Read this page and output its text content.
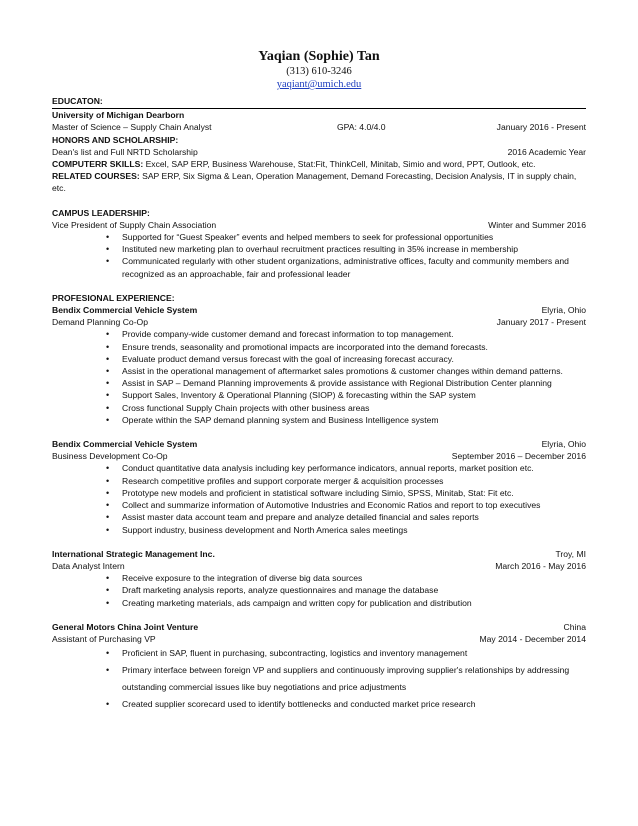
Yaqian (Sophie) Tan
(313) 610-3246
yaqiant@umich.edu
EDUCATON:
University of Michigan Dearborn
Master of Science – Supply Chain Analyst	GPA: 4.0/4.0	January 2016 - Present
HONORS AND SCHOLARSHIP:
Dean's list and Full NRTD Scholarship	2016 Academic Year
COMPUTERR SKILLS: Excel, SAP ERP, Business Warehouse, Stat:Fit, ThinkCell, Minitab, Simio and word, PPT, Outlook, etc.
RELATED COURSES: SAP ERP, Six Sigma & Lean, Operation Management, Demand Forecasting, Decision Analysis, IT in supply chain, etc.
CAMPUS LEADERSHIP:
Vice President of Supply Chain Association	Winter and Summer 2016
• Supported for “Guest Speaker” events and helped members to seek for professional opportunities
• Instituted new marketing plan to overhaul recruitment practices resulting in 35% increase in membership
• Communicated regularly with other student organizations, administrative offices, faculty and community members and recognized as an approachable, fair and professional leader
PROFESIONAL EXPERIENCE:
Bendix Commercial Vehicle System	Elyria, Ohio
Demand Planning Co-Op	January 2017 - Present
• Provide company-wide customer demand and forecast information to top management.
• Ensure trends, seasonality and promotional impacts are incorporated into the demand forecasts.
• Evaluate product demand versus forecast with the goal of increasing forecast accuracy.
• Assist in the operational management of aftermarket sales promotions & customer changes within demand patterns.
• Assist in SAP – Demand Planning improvements & provide assistance with Regional Distribution Center planning
• Support Sales, Inventory & Operational Planning (SIOP) & forecasting within the SAP system
• Cross functional Supply Chain projects with other business areas
• Operate within the SAP demand planning system and Business Intelligence system
Bendix Commercial Vehicle System	Elyria, Ohio
Business Development Co-Op	September 2016 – December 2016
• Conduct quantitative data analysis including key performance indicators, annual reports, market position etc.
• Research competitive profiles and support corporate merger & acquisition processes
• Prototype new models and proficient in statistical software including Simio, SPSS, Minitab, Stat: Fit etc.
• Collect and summarize information of Automotive Industries and Economic Ratios and report to top executives
• Assist master data account team and prepare and analyze detailed financial and sales reports
• Support industry, business development and North America sales meetings
International Strategic Management Inc.	Troy, MI
Data Analyst Intern	March 2016 - May 2016
• Receive exposure to the integration of diverse big data sources
• Draft marketing analysis reports, analyze questionnaires and manage the database
• Creating marketing materials, ads campaign and written copy for publication and distribution
General Motors China Joint Venture	China
Assistant of Purchasing VP	May 2014 - December 2014
• Proficient in SAP, fluent in purchasing, subcontracting, logistics and inventory management
• Primary interface between foreign VP and suppliers and continuously improving supplier's relationships by addressing outstanding commercial issues like buy negotiations and price adjustments
• Created supplier scorecard used to identify bottlenecks and conducted market price research
